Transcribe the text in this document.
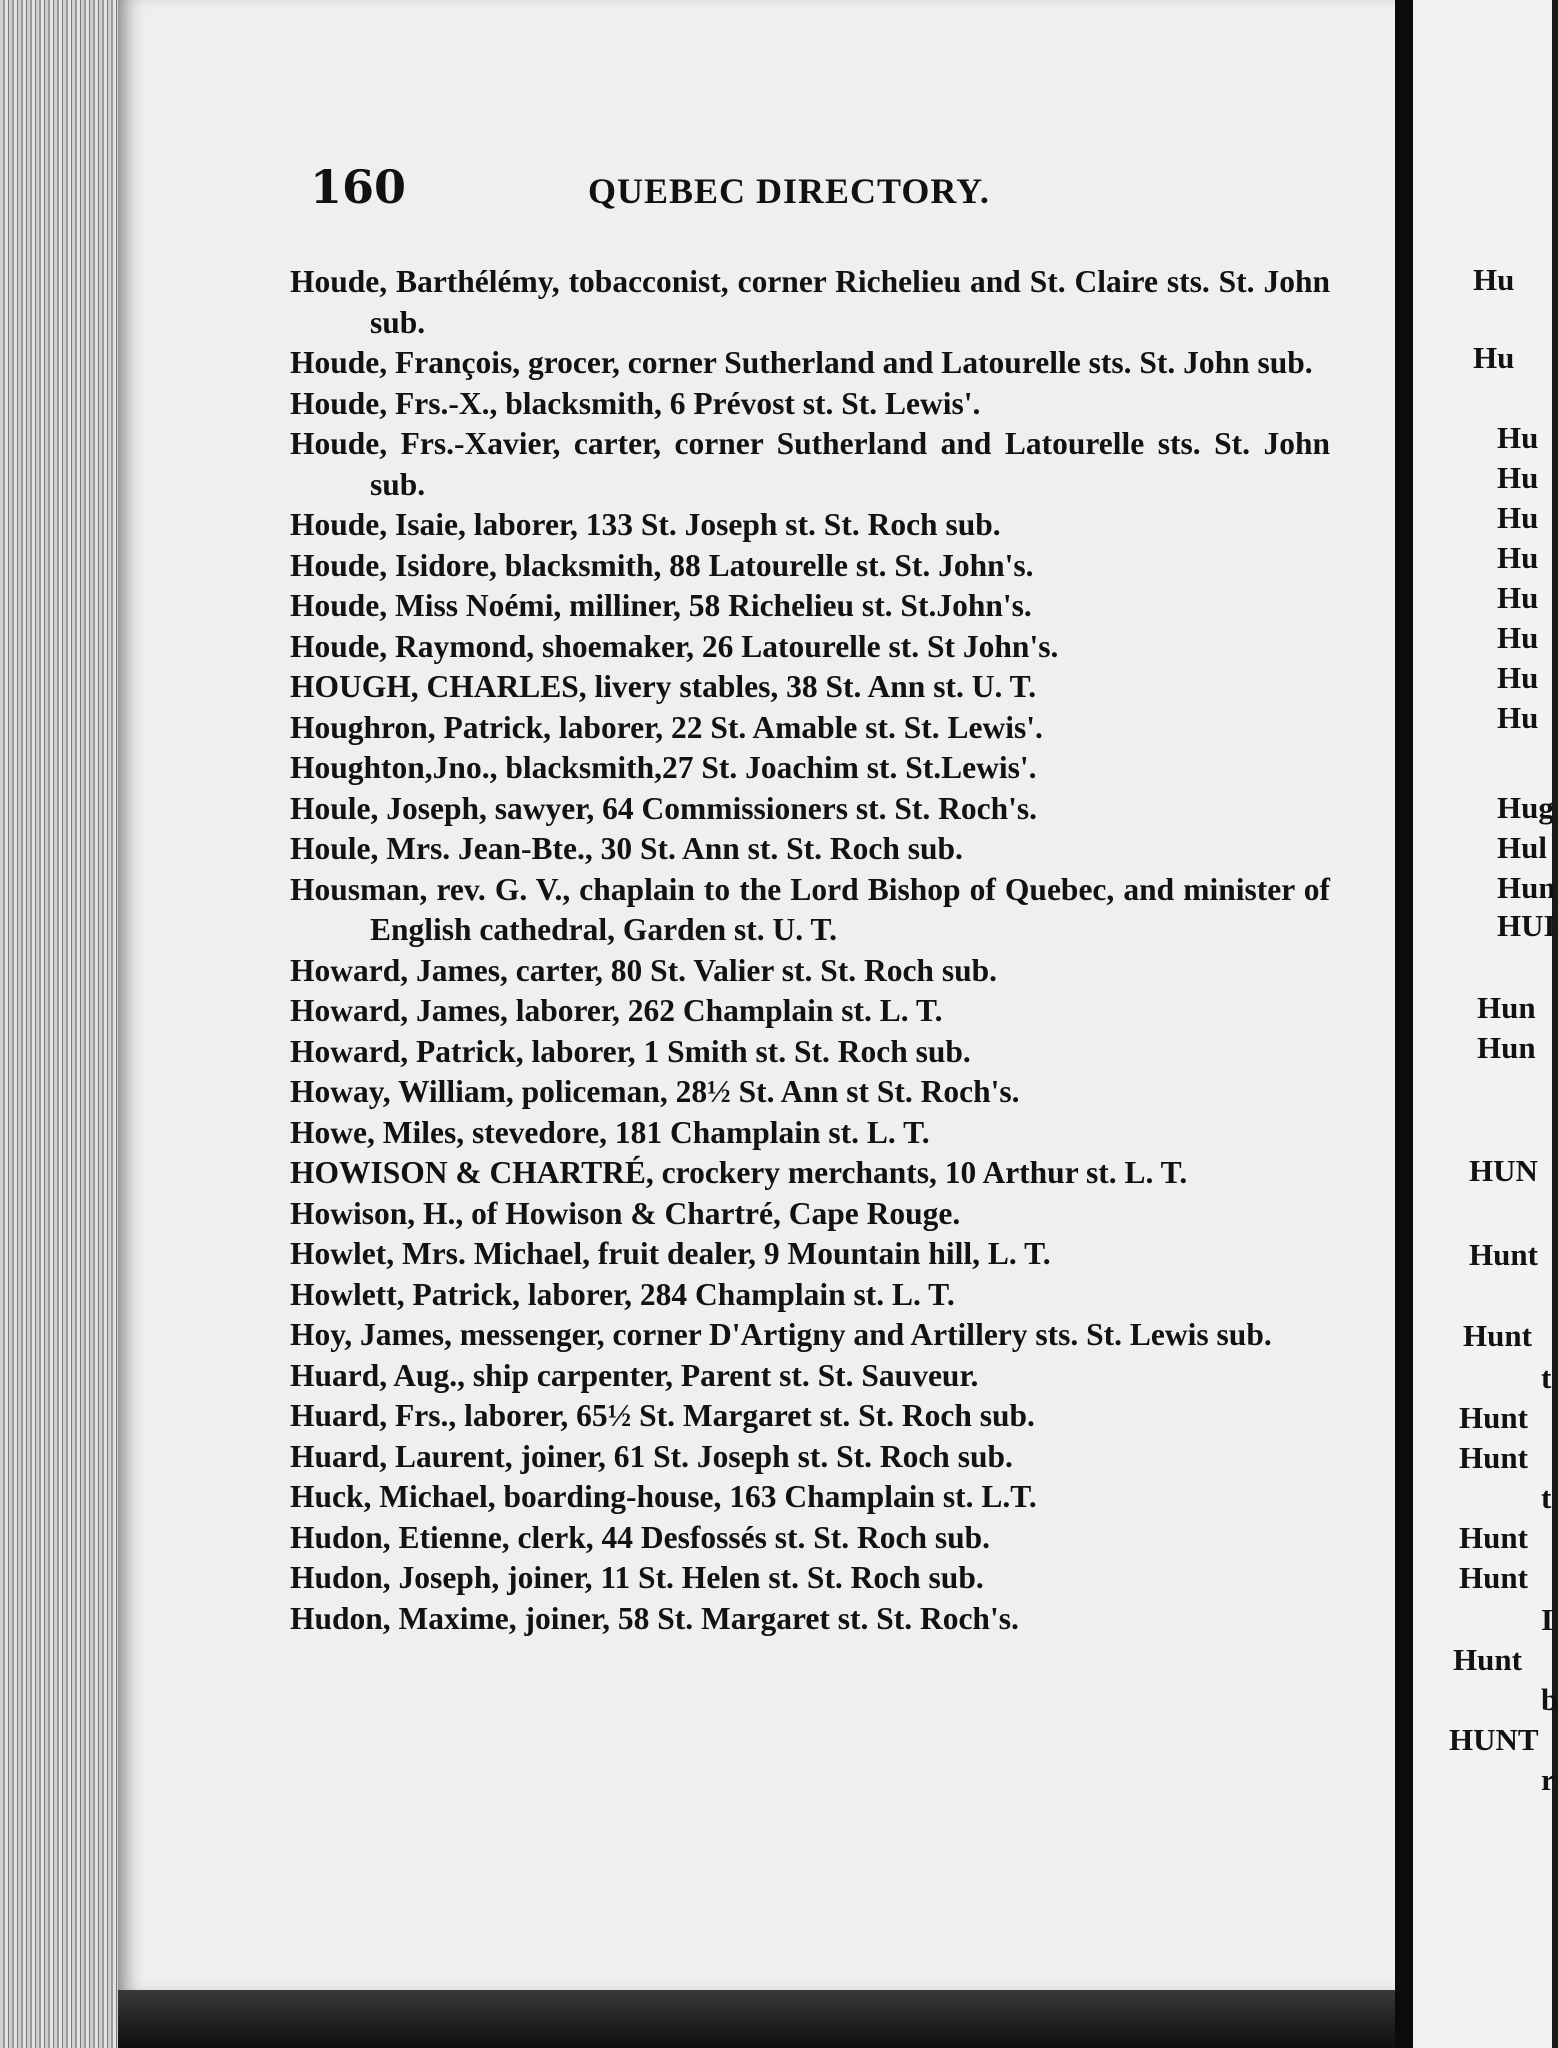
Hu
Hu
Hu
Hu
Hu
Hu
Hu
Hu
Hu
Hu
Hug
Hul
Hun
HUI
Hun
Hun
HUN
Hunt
Hunt
t
Hunt
Hunt
t
Hunt
Hunt
I
Hunt
b
HUNT
r
160	QUEBEC DIRECTORY.
Houde, Barthélémy, tobacconist, corner Richelieu and St. Claire sts. St. John sub.
Houde, François, grocer, corner Sutherland and Latourelle sts. St. John sub.
Houde, Frs.-X., blacksmith, 6 Prévost st. St. Lewis'.
Houde, Frs.-Xavier, carter, corner Sutherland and Latourelle sts. St. John sub.
Houde, Isaie, laborer, 133 St. Joseph st. St. Roch sub.
Houde, Isidore, blacksmith, 88 Latourelle st. St. John's.
Houde, Miss Noémi, milliner, 58 Richelieu st. St.John's.
Houde, Raymond, shoemaker, 26 Latourelle st. St John's.
HOUGH, CHARLES, livery stables, 38 St. Ann st. U. T.
Houghron, Patrick, laborer, 22 St. Amable st. St. Lewis'.
Houghton,Jno., blacksmith,27 St. Joachim st. St.Lewis'.
Houle, Joseph, sawyer, 64 Commissioners st. St. Roch's.
Houle, Mrs. Jean-Bte., 30 St. Ann st. St. Roch sub.
Housman, rev. G. V., chaplain to the Lord Bishop of Quebec, and minister of English cathedral, Garden st. U. T.
Howard, James, carter, 80 St. Valier st. St. Roch sub.
Howard, James, laborer, 262 Champlain st. L. T.
Howard, Patrick, laborer, 1 Smith st. St. Roch sub.
Howay, William, policeman, 28½ St. Ann st St. Roch's.
Howe, Miles, stevedore, 181 Champlain st. L. T.
HOWISON & CHARTRÉ, crockery merchants, 10 Arthur st. L. T.
Howison, H., of Howison & Chartré, Cape Rouge.
Howlet, Mrs. Michael, fruit dealer, 9 Mountain hill, L. T.
Howlett, Patrick, laborer, 284 Champlain st. L. T.
Hoy, James, messenger, corner D'Artigny and Artillery sts. St. Lewis sub.
Huard, Aug., ship carpenter, Parent st. St. Sauveur.
Huard, Frs., laborer, 65½ St. Margaret st. St. Roch sub.
Huard, Laurent, joiner, 61 St. Joseph st. St. Roch sub.
Huck, Michael, boarding-house, 163 Champlain st. L.T.
Hudon, Etienne, clerk, 44 Desfossés st. St. Roch sub.
Hudon, Joseph, joiner, 11 St. Helen st. St. Roch sub.
Hudon, Maxime, joiner, 58 St. Margaret st. St. Roch's.
